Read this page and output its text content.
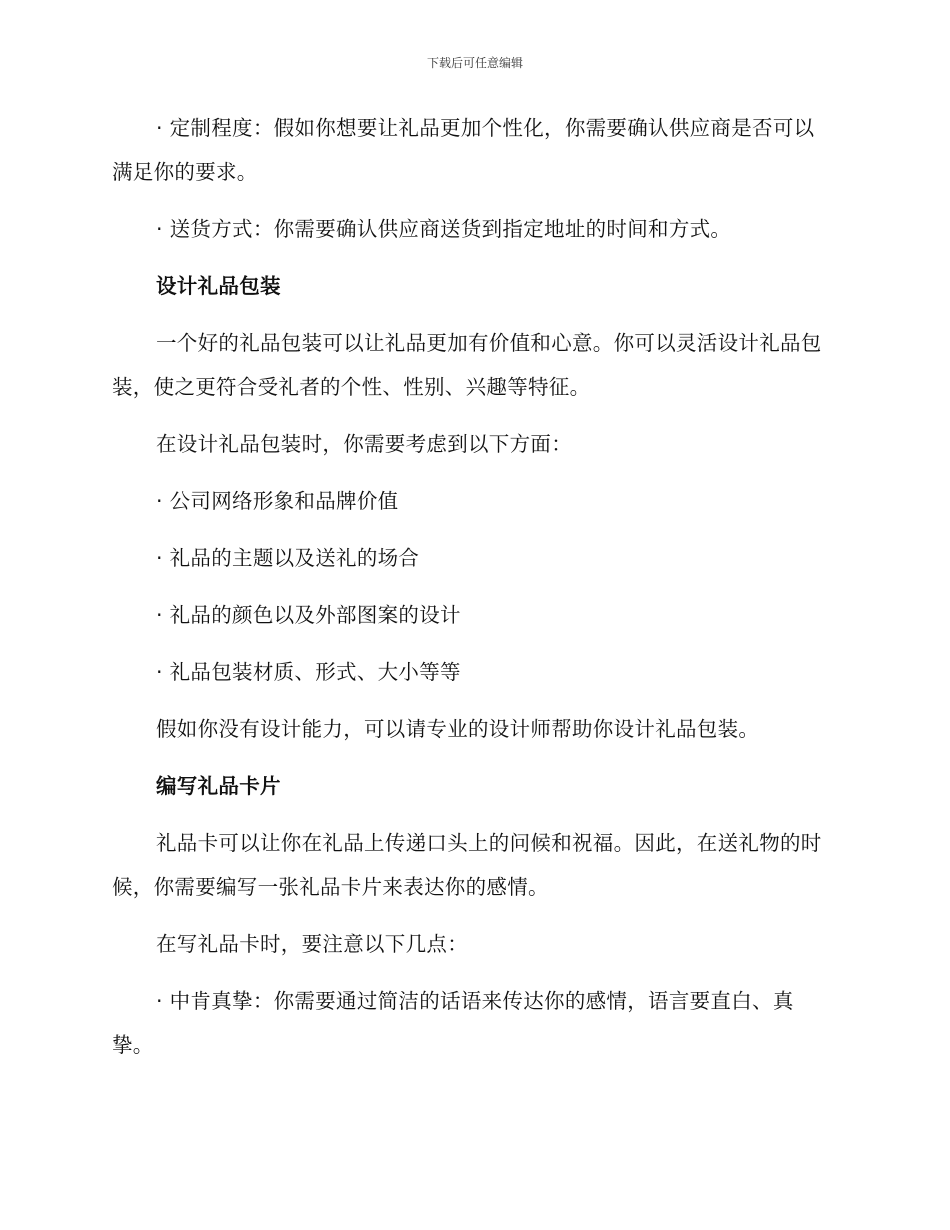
下载后可任意编辑

· 定制程度：假如你想要让礼品更加个性化，你需要确认供应商是否可以满足你的要求。

· 送货方式：你需要确认供应商送货到指定地址的时间和方式。

设计礼品包装

一个好的礼品包装可以让礼品更加有价值和心意。你可以灵活设计礼品包装，使之更符合受礼者的个性、性别、兴趣等特征。

在设计礼品包装时，你需要考虑到以下方面：

· 公司网络形象和品牌价值

· 礼品的主题以及送礼的场合

· 礼品的颜色以及外部图案的设计

· 礼品包装材质、形式、大小等等

假如你没有设计能力，可以请专业的设计师帮助你设计礼品包装。

编写礼品卡片

礼品卡可以让你在礼品上传递口头上的问候和祝福。因此，在送礼物的时候，你需要编写一张礼品卡片来表达你的感情。

在写礼品卡时，要注意以下几点：

· 中肯真挚：你需要通过简洁的话语来传达你的感情，语言要直白、真挚。
